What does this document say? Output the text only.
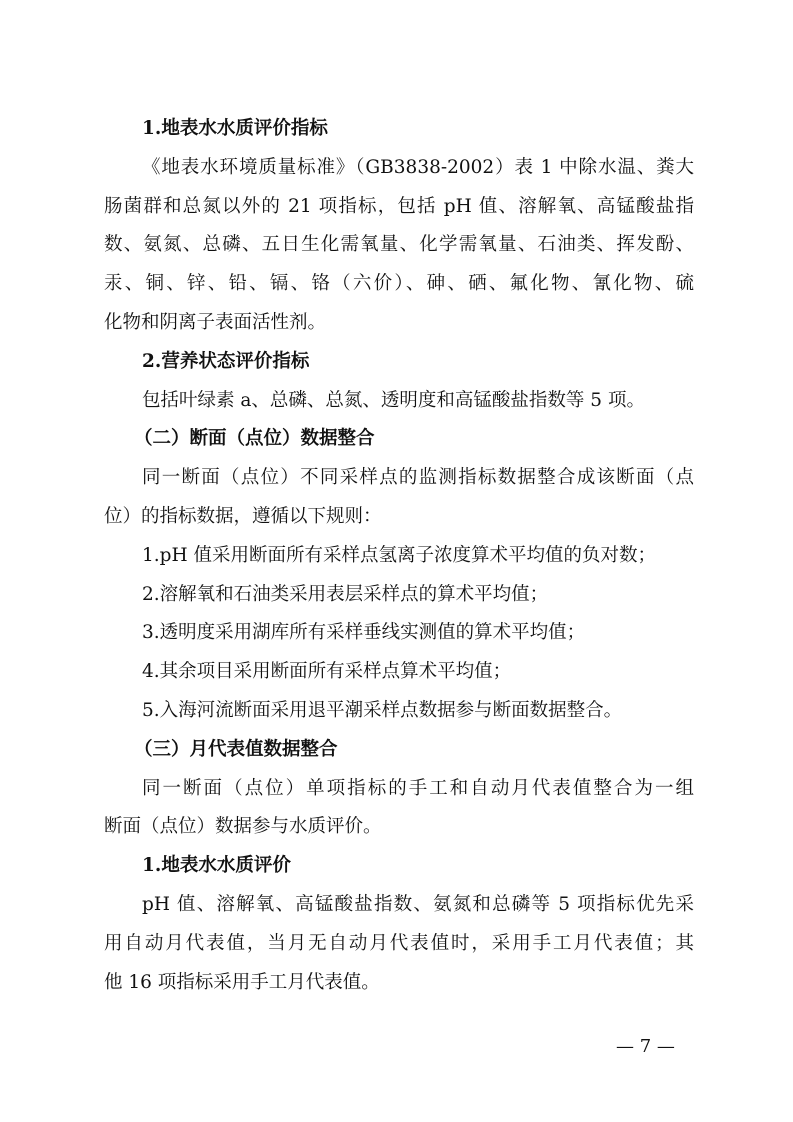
1.地表水水质评价指标
《地表水环境质量标准》（GB3838-2002）表 1 中除水温、粪大
肠菌群和总氮以外的 21 项指标，包括 pH 值、溶解氧、高锰酸盐指
数、氨氮、总磷、五日生化需氧量、化学需氧量、石油类、挥发酚、
汞、铜、锌、铅、镉、铬（六价）、砷、硒、氟化物、氰化物、硫
化物和阴离子表面活性剂。
2.营养状态评价指标
包括叶绿素 a、总磷、总氮、透明度和高锰酸盐指数等 5 项。
（二）断面（点位）数据整合
同一断面（点位）不同采样点的监测指标数据整合成该断面（点
位）的指标数据，遵循以下规则：
1.pH 值采用断面所有采样点氢离子浓度算术平均值的负对数；
2.溶解氧和石油类采用表层采样点的算术平均值；
3.透明度采用湖库所有采样垂线实测值的算术平均值；
4.其余项目采用断面所有采样点算术平均值；
5.入海河流断面采用退平潮采样点数据参与断面数据整合。
（三）月代表值数据整合
同一断面（点位）单项指标的手工和自动月代表值整合为一组
断面（点位）数据参与水质评价。
1.地表水水质评价
pH 值、溶解氧、高锰酸盐指数、氨氮和总磷等 5 项指标优先采
用自动月代表值，当月无自动月代表值时，采用手工月代表值；其
他 16 项指标采用手工月代表值。
— 7 —
